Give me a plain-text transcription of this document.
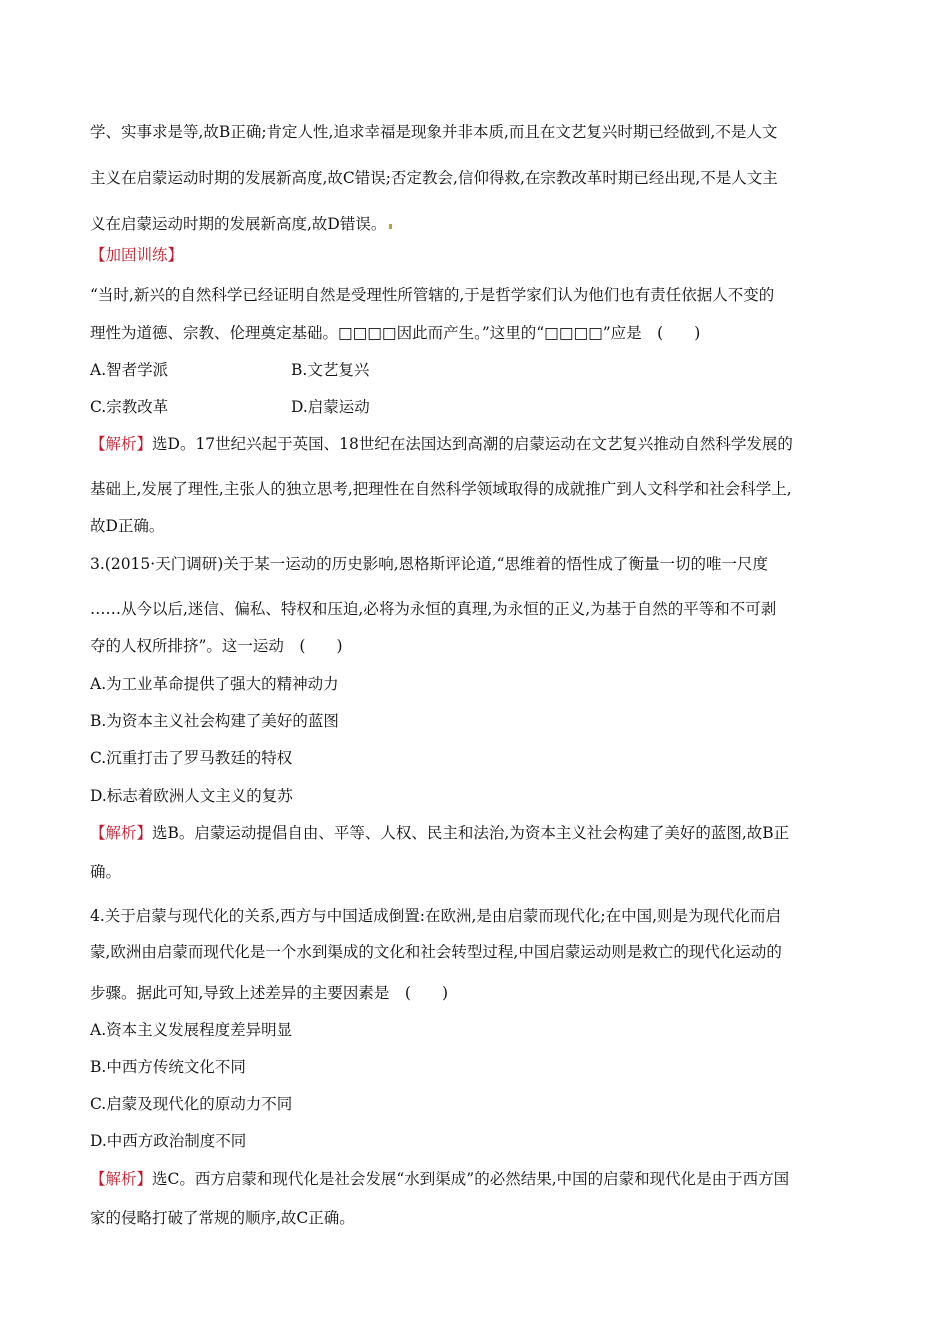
学、实事求是等,故B正确;肯定人性,追求幸福是现象并非本质,而且在文艺复兴时期已经做到,不是人文
主义在启蒙运动时期的发展新高度,故C错误;否定教会,信仰得救,在宗教改革时期已经出现,不是人文主
义在启蒙运动时期的发展新高度,故D错误。
【加固训练】
“当时,新兴的自然科学已经证明自然是受理性所管辖的,于是哲学家们认为他们也有责任依据人不变的
理性为道德、宗教、伦理奠定基础。□□□□因此而产生。”这里的“□□□□”应是　(　　)
A.智者学派	B.文艺复兴
C.宗教改革	D.启蒙运动
【解析】选D。17世纪兴起于英国、18世纪在法国达到高潮的启蒙运动在文艺复兴推动自然科学发展的
基础上,发展了理性,主张人的独立思考,把理性在自然科学领域取得的成就推广到人文科学和社会科学上,
故D正确。
3.(2015·天门调研)关于某一运动的历史影响,恩格斯评论道,“思维着的悟性成了衡量一切的唯一尺度
……从今以后,迷信、偏私、特权和压迫,必将为永恒的真理,为永恒的正义,为基于自然的平等和不可剥
夺的人权所排挤”。这一运动　(　　)
A.为工业革命提供了强大的精神动力
B.为资本主义社会构建了美好的蓝图
C.沉重打击了罗马教廷的特权
D.标志着欧洲人文主义的复苏
【解析】选B。启蒙运动提倡自由、平等、人权、民主和法治,为资本主义社会构建了美好的蓝图,故B正
确。
4.关于启蒙与现代化的关系,西方与中国适成倒置:在欧洲,是由启蒙而现代化;在中国,则是为现代化而启
蒙,欧洲由启蒙而现代化是一个水到渠成的文化和社会转型过程,中国启蒙运动则是救亡的现代化运动的
步骤。据此可知,导致上述差异的主要因素是　(　　)
A.资本主义发展程度差异明显
B.中西方传统文化不同
C.启蒙及现代化的原动力不同
D.中西方政治制度不同
【解析】选C。西方启蒙和现代化是社会发展“水到渠成”的必然结果,中国的启蒙和现代化是由于西方国
家的侵略打破了常规的顺序,故C正确。
